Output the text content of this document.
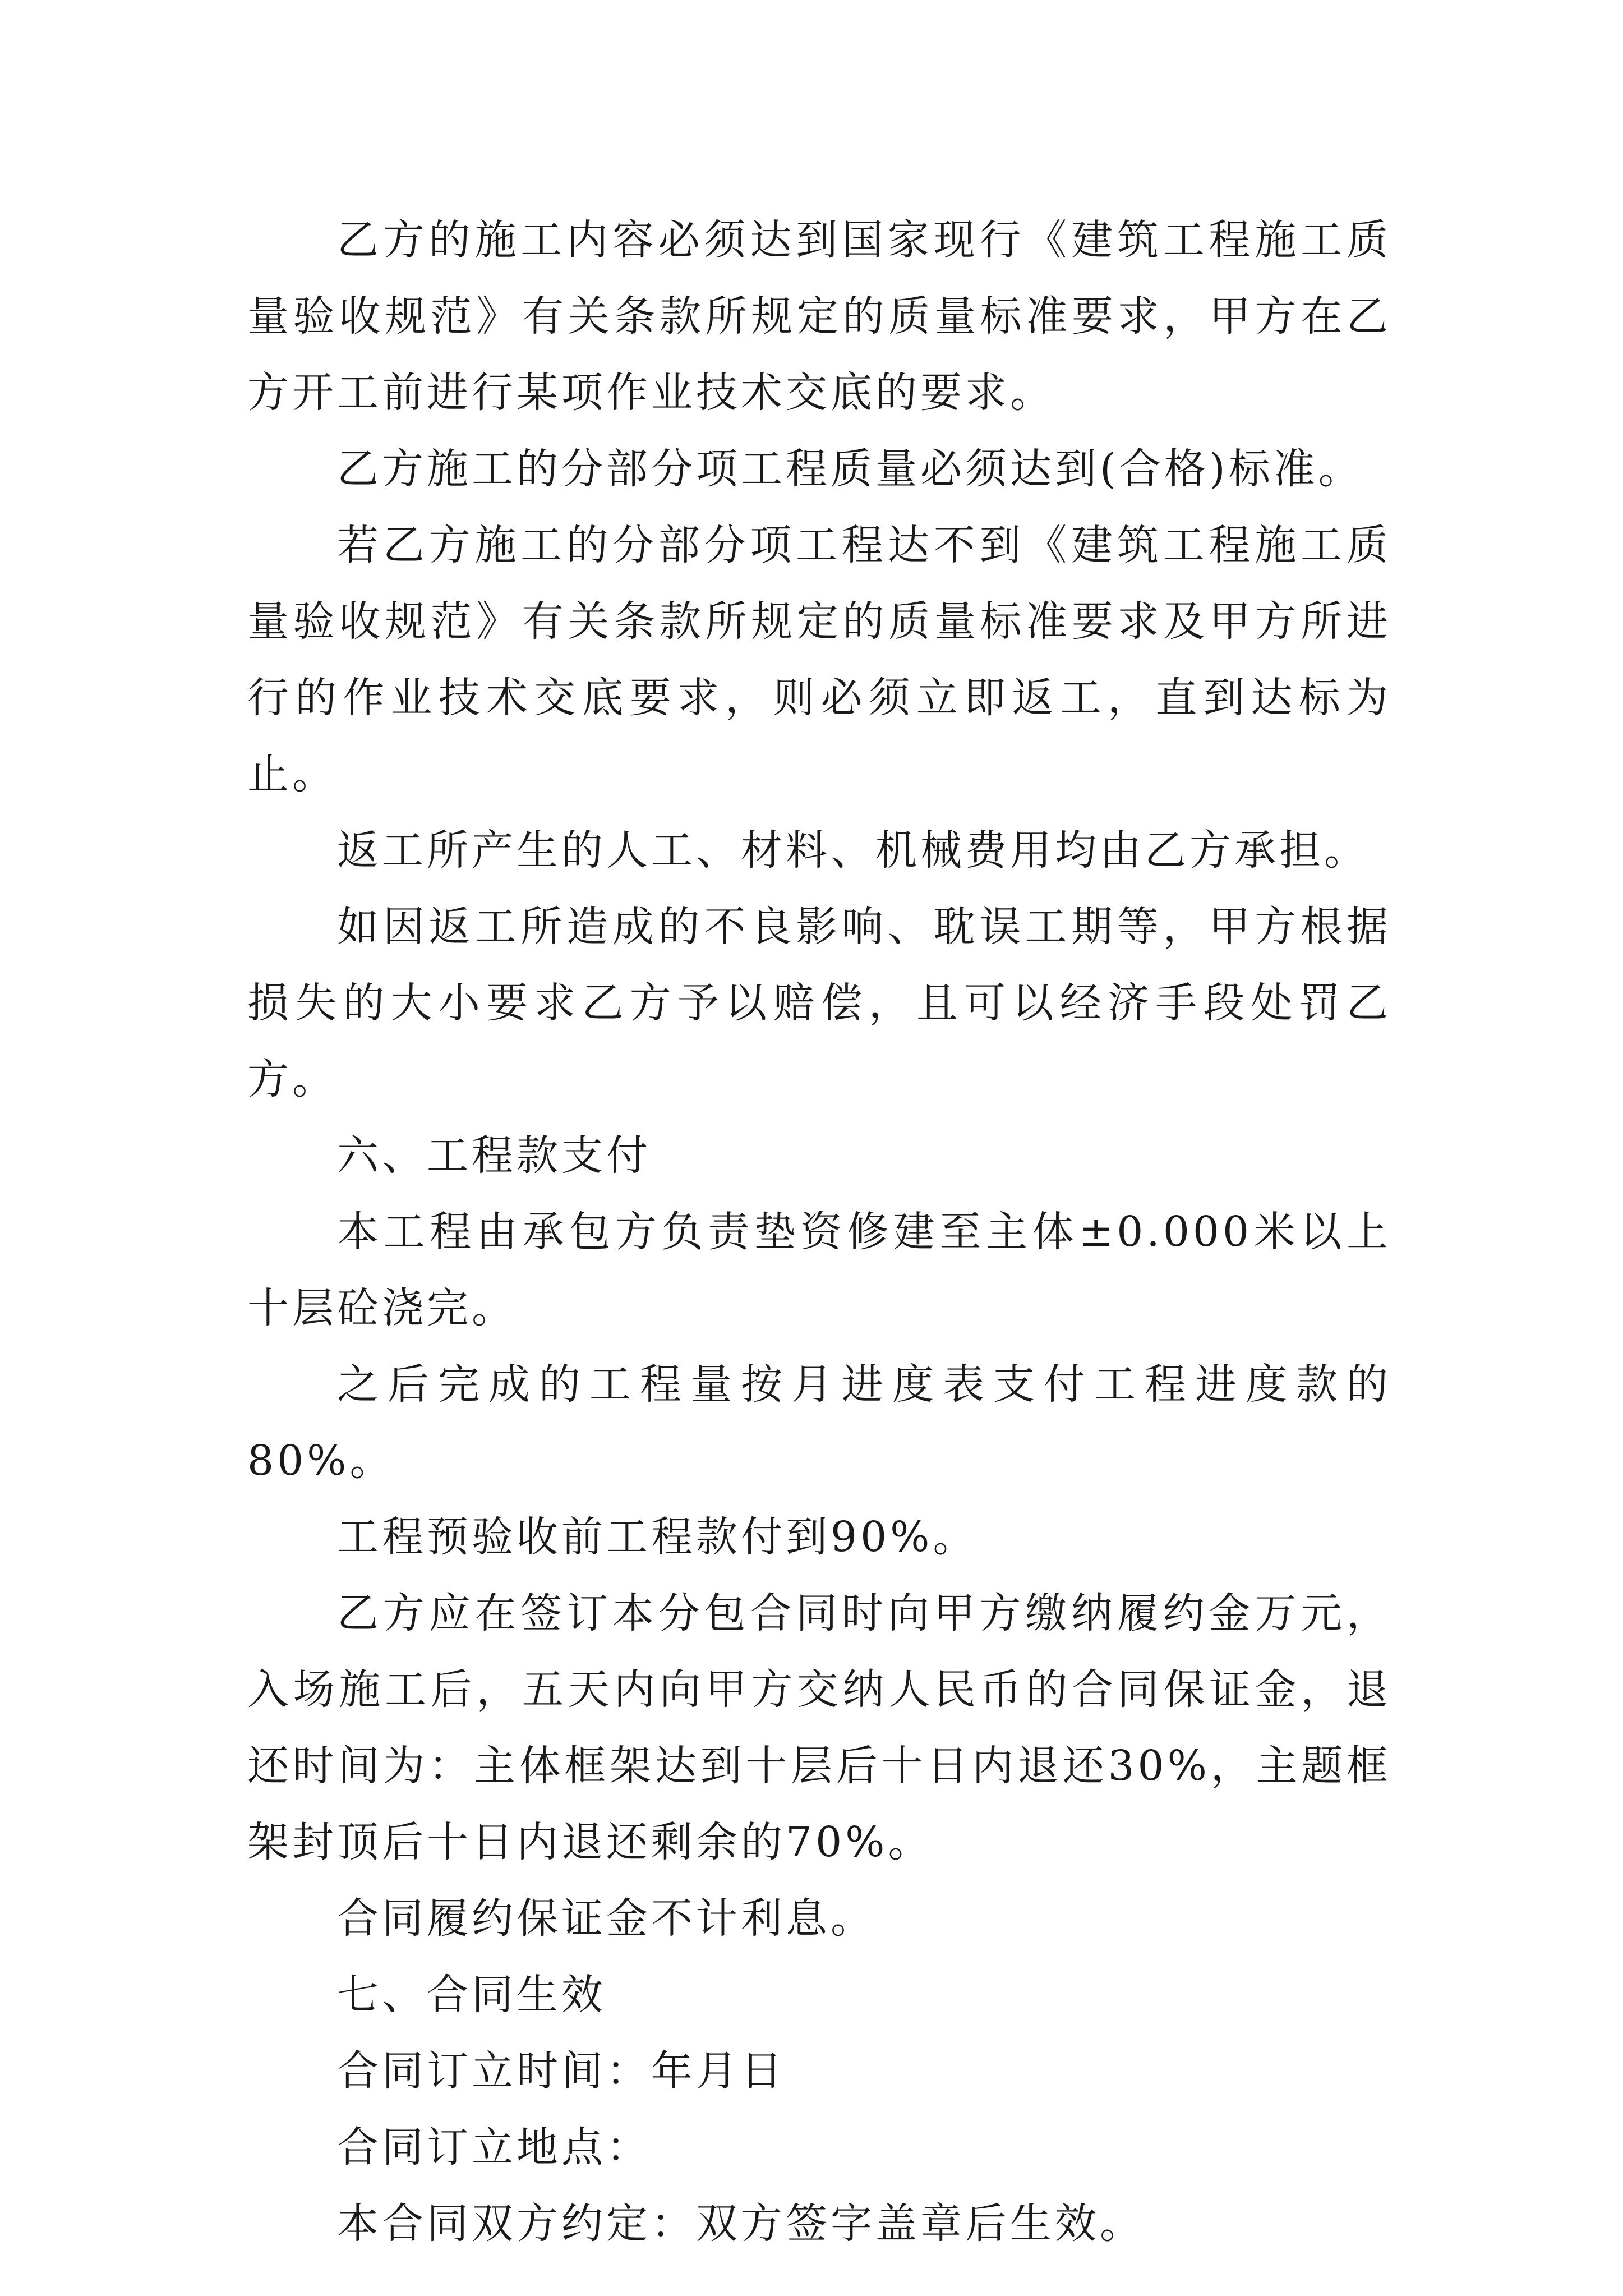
乙方的施工内容必须达到国家现行《建筑工程施工质量验收规范》有关条款所规定的质量标准要求，甲方在乙方开工前进行某项作业技术交底的要求。

乙方施工的分部分项工程质量必须达到(合格)标准。

若乙方施工的分部分项工程达不到《建筑工程施工质量验收规范》有关条款所规定的质量标准要求及甲方所进行的作业技术交底要求，则必须立即返工，直到达标为止。

返工所产生的人工、材料、机械费用均由乙方承担。

如因返工所造成的不良影响、耽误工期等，甲方根据损失的大小要求乙方予以赔偿，且可以经济手段处罚乙方。

六、工程款支付

本工程由承包方负责垫资修建至主体±0.000米以上十层砼浇完。

之后完成的工程量按月进度表支付工程进度款的80%。

工程预验收前工程款付到90%。

乙方应在签订本分包合同时向甲方缴纳履约金万元，入场施工后，五天内向甲方交纳人民币的合同保证金，退还时间为：主体框架达到十层后十日内退还30%，主题框架封顶后十日内退还剩余的70%。

合同履约保证金不计利息。

七、合同生效

合同订立时间：年月日

合同订立地点：

本合同双方约定：双方签字盖章后生效。
